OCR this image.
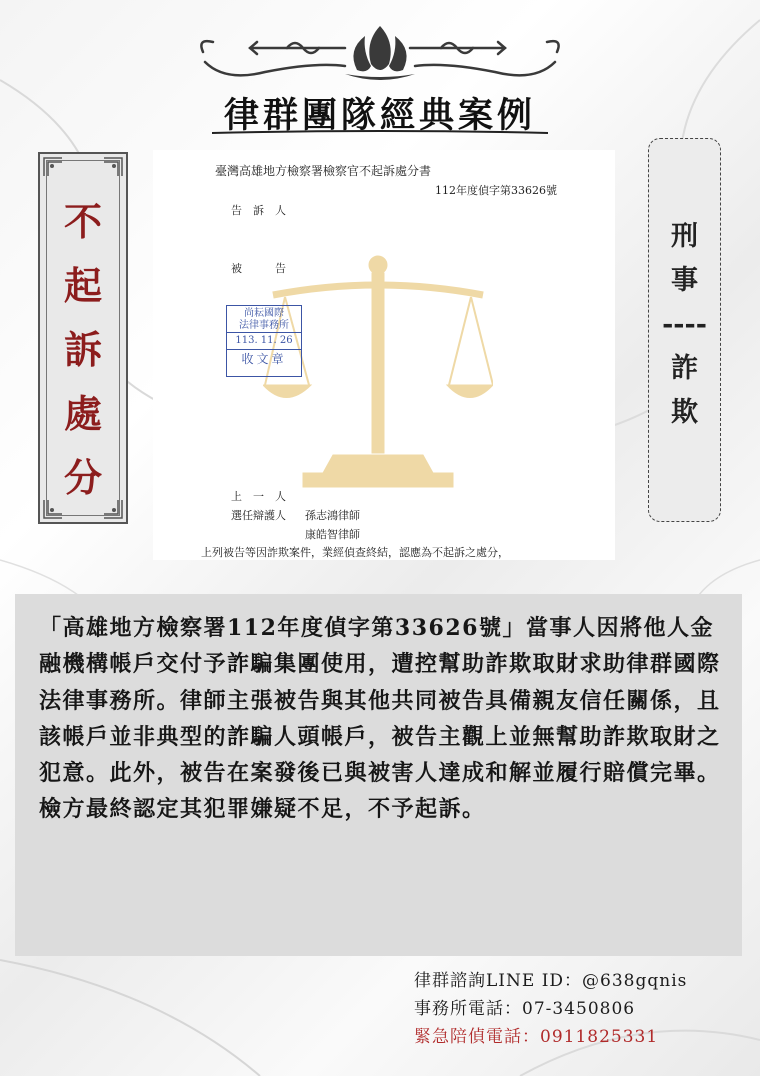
律群團隊經典案例
不
起
訴
處
分
刑
事
----
詐
欺
臺灣高雄地方檢察署檢察官不起訴處分書
112年度偵字第33626號
告　訴　人
被　　　告
尚耘國際
法律事務所
113. 11. 26
收文章
上　一　人
選任辯護人 孫志鴻律師
康皓智律師
上列被告等因詐欺案件，業經偵查終結，認應為不起訴之處分，

「高雄地方檢察署112年度偵字第33626號」當事人因將他人金融機構帳戶交付予詐騙集團使用，遭控幫助詐欺取財求助律群國際法律事務所。律師主張被告與其他共同被告具備親友信任關係，且該帳戶並非典型的詐騙人頭帳戶，被告主觀上並無幫助詐欺取財之犯意。此外，被告在案發後已與被害人達成和解並履行賠償完畢。檢方最終認定其犯罪嫌疑不足，不予起訴。

律群諮詢LINE ID：@638gqnis
事務所電話：07-3450806
緊急陪偵電話：0911825331
